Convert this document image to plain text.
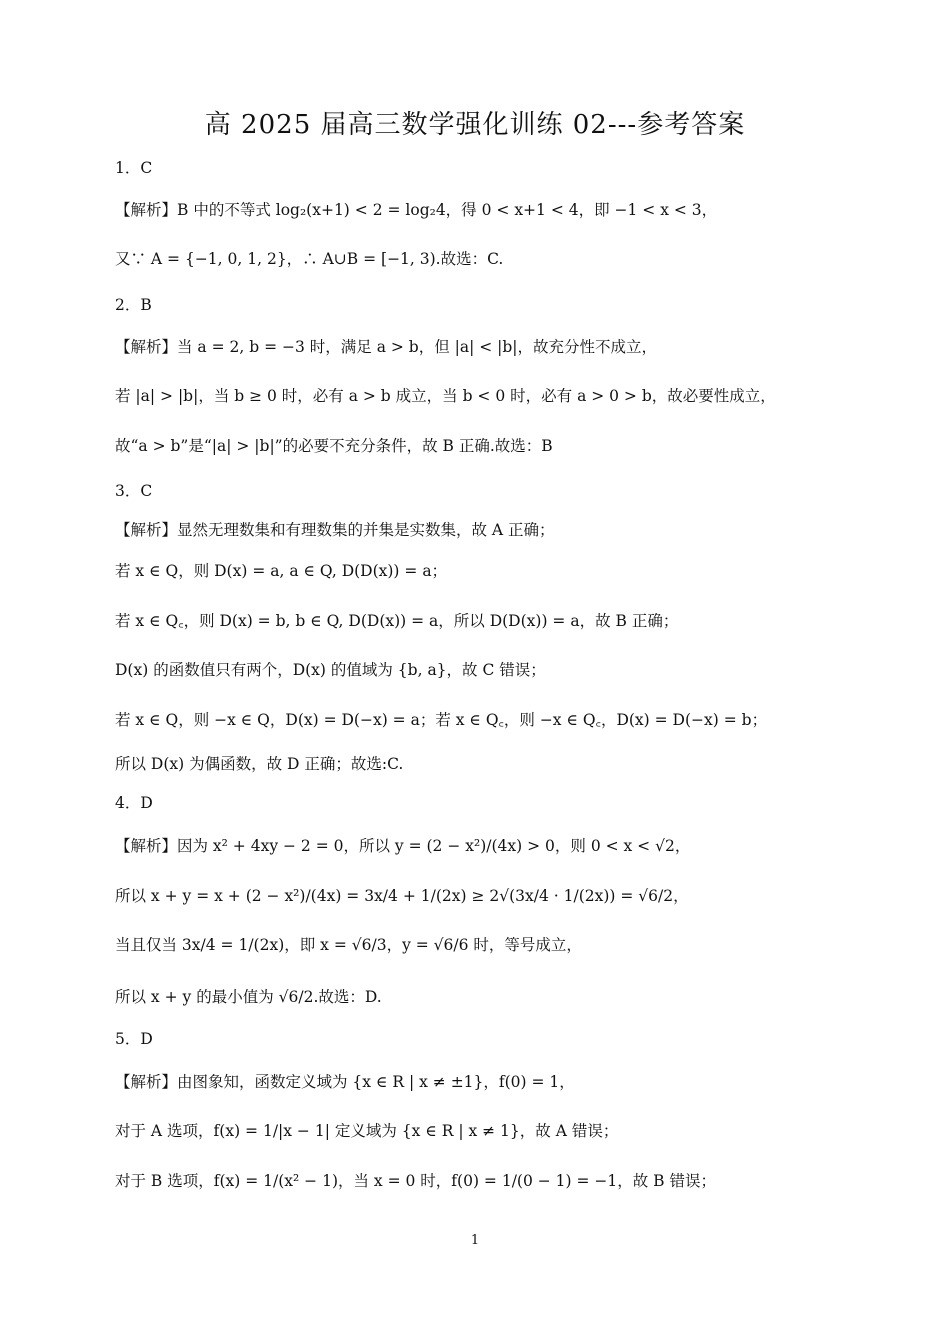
高 2025 届高三数学强化训练 02---参考答案
1．C
【解析】B 中的不等式 log₂(x+1) < 2 = log₂4，得 0 < x+1 < 4，即 −1 < x < 3，
又∵ A = {−1, 0, 1, 2}，∴ A∪B = [−1, 3).故选：C.
2．B
【解析】当 a = 2, b = −3 时，满足 a > b，但 |a| < |b|，故充分性不成立，
若 |a| > |b|，当 b ≥ 0 时，必有 a > b 成立，当 b < 0 时，必有 a > 0 > b，故必要性成立，
故“a > b”是“|a| > |b|”的必要不充分条件，故 B 正确.故选：B
3．C
【解析】显然无理数集和有理数集的并集是实数集，故 A 正确；
若 x ∈ Q，则 D(x) = a, a ∈ Q, D(D(x)) = a；
若 x ∈ Q꜀，则 D(x) = b, b ∈ Q, D(D(x)) = a，所以 D(D(x)) = a，故 B 正确；
D(x) 的函数值只有两个，D(x) 的值域为 {b, a}，故 C 错误；
若 x ∈ Q，则 −x ∈ Q，D(x) = D(−x) = a；若 x ∈ Q꜀，则 −x ∈ Q꜀，D(x) = D(−x) = b；
所以 D(x) 为偶函数，故 D 正确；故选:C.
4．D
【解析】因为 x² + 4xy − 2 = 0，所以 y = (2 − x²)/(4x) > 0，则 0 < x < √2，
所以 x + y = x + (2 − x²)/(4x) = 3x/4 + 1/(2x) ≥ 2√(3x/4 · 1/(2x)) = √6/2，
当且仅当 3x/4 = 1/(2x)，即 x = √6/3，y = √6/6 时，等号成立，
所以 x + y 的最小值为 √6/2.故选：D.
5．D
【解析】由图象知，函数定义域为 {x ∈ R | x ≠ ±1}，f(0) = 1，
对于 A 选项，f(x) = 1/|x − 1| 定义域为 {x ∈ R | x ≠ 1}，故 A 错误；
对于 B 选项，f(x) = 1/(x² − 1)，当 x = 0 时，f(0) = 1/(0 − 1) = −1，故 B 错误；
1
